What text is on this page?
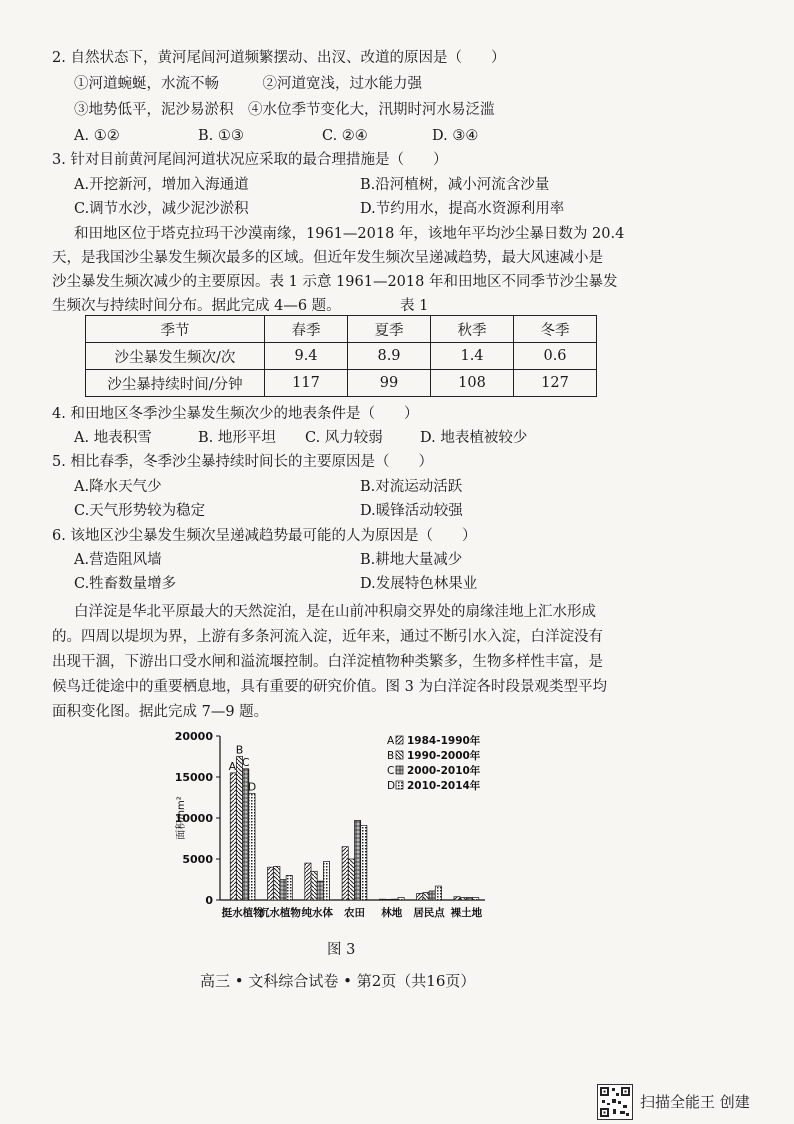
2. 自然状态下，黄河尾闾河道频繁摆动、出汊、改道的原因是（　　）
①河道蜿蜒，水流不畅　　　②河道宽浅，过水能力强
③地势低平，泥沙易淤积　④水位季节变化大，汛期时河水易泛滥
A. ①②	B. ①③	C. ②④	D. ③④
3. 针对目前黄河尾闾河道状况应采取的最合理措施是（　　）
A.开挖新河，增加入海通道	B.沿河植树，减小河流含沙量
C.调节水沙，减少泥沙淤积	D.节约用水，提高水资源利用率
和田地区位于塔克拉玛干沙漠南缘，1961—2018 年，该地年平均沙尘暴日数为 20.4
天，是我国沙尘暴发生频次最多的区域。但近年发生频次呈递减趋势，最大风速减小是
沙尘暴发生频次减少的主要原因。表 1 示意 1961—2018 年和田地区不同季节沙尘暴发
生频次与持续时间分布。据此完成 4—6 题。	表 1
季节	春季	夏季	秋季	冬季
沙尘暴发生频次/次	9.4	8.9	1.4	0.6
沙尘暴持续时间/分钟	117	99	108	127
4. 和田地区冬季沙尘暴发生频次少的地表条件是（　　）
A. 地表积雪	B. 地形平坦 C. 风力较弱	D. 地表植被较少
5. 相比春季，冬季沙尘暴持续时间长的主要原因是（　　）
A.降水天气少	B.对流运动活跃
C.天气形势较为稳定	D.暖锋活动较强
6. 该地区沙尘暴发生频次呈递减趋势最可能的人为原因是（　　）
A.营造阻风墙	B.耕地大量减少
C.牲畜数量增多	D.发展特色林果业
白洋淀是华北平原最大的天然淀泊，是在山前冲积扇交界处的扇缘洼地上汇水形成
的。四周以堤坝为界，上游有多条河流入淀，近年来，通过不断引水入淀，白洋淀没有
出现干涸，下游出口受水闸和溢流堰控制。白洋淀植物种类繁多，生物多样性丰富，是
候鸟迁徙途中的重要栖息地，具有重要的研究价值。图 3 为白洋淀各时段景观类型平均
面积变化图。据此完成 7—9 题。
0
5000
10000
15000
20000
面积/hm²
A
B
C
D
挺水植物
沉水植物 纯水体 农田 林地 居民点 裸土地
A 1984-1990年
B 1990-2000年
C 2000-2010年
D 2010-2014年
图 3
高三 • 文科综合试卷 • 第2页（共16页）
扫描全能王 创建
